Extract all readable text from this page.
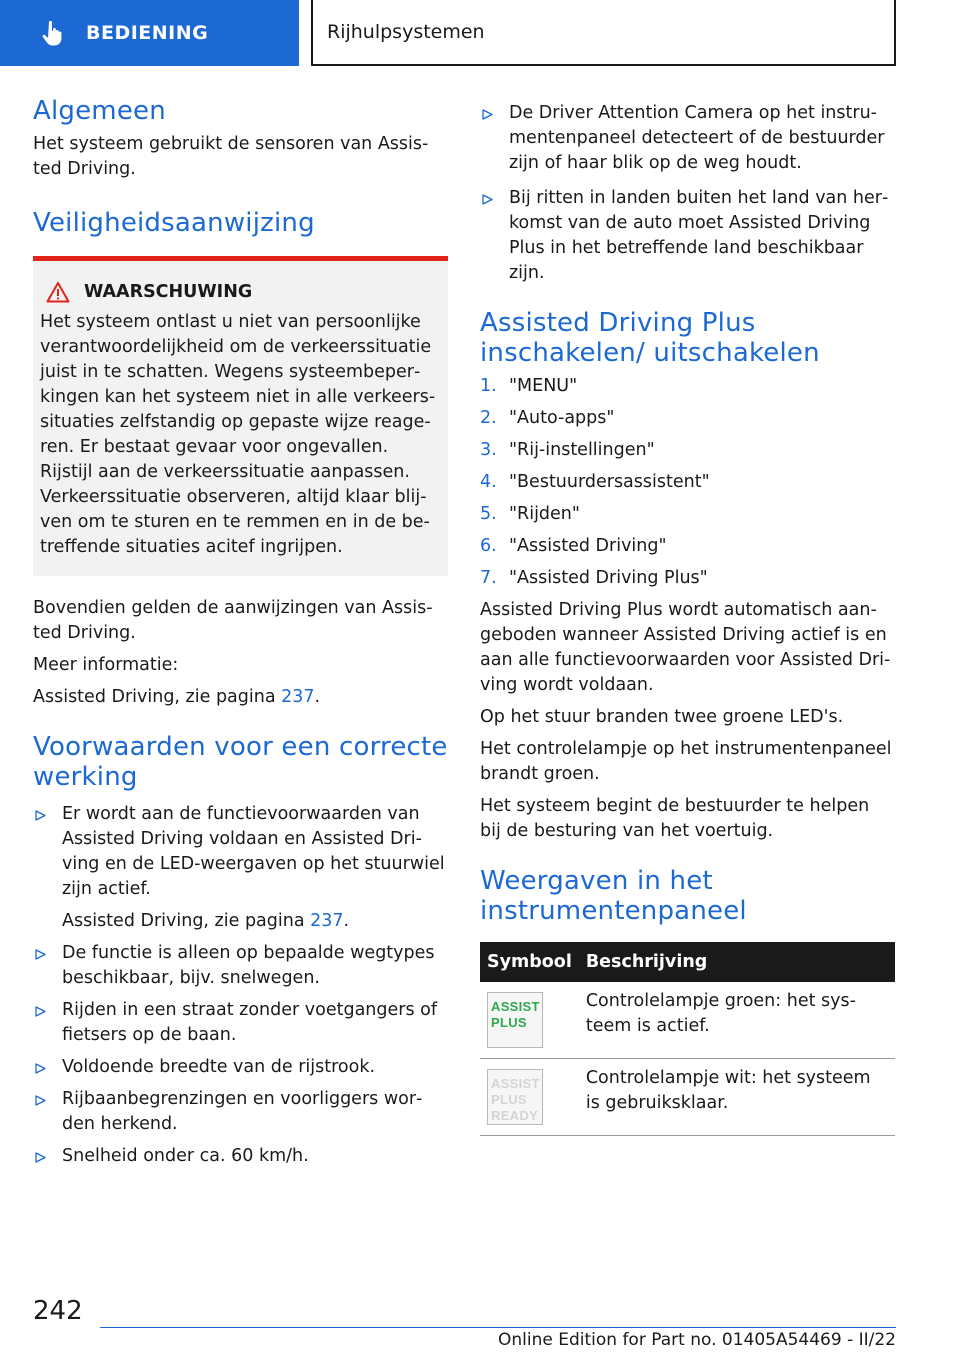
BEDIENING	Rijhulpsystemen
Algemeen

Het systeem gebruikt de sensoren van Assisted Driving.

Veiligheidsaanwijzing
WAARSCHUWING

Het systeem ontlast u niet van persoonlijke verantwoordelijkheid om de verkeerssituatie juist in te schatten. Wegens systeembeperkingen kan het systeem niet in alle verkeerssituaties zelfstandig op gepaste wijze reageren. Er bestaat gevaar voor ongevallen. Rijstijl aan de verkeerssituatie aanpassen. Verkeerssituatie observeren, altijd klaar blijven om te sturen en te remmen en in de betreffende situaties acitef ingrijpen.

Bovendien gelden de aanwijzingen van Assisted Driving.

Meer informatie:

Assisted Driving, zie pagina 237.

Voorwaarden voor een correcte werking
Er wordt aan de functievoorwaarden van Assisted Driving voldaan en Assisted Driving en de LED-weergaven op het stuurwiel zijn actief.
Assisted Driving, zie pagina 237.
De functie is alleen op bepaalde wegtypes beschikbaar, bijv. snelwegen.
Rijden in een straat zonder voetgangers of fietsers op de baan.
Voldoende breedte van de rijstrook.
Rijbaanbegrenzingen en voorliggers worden herkend.
Snelheid onder ca. 60 km/h.
De Driver Attention Camera op het instrumentenpaneel detecteert of de bestuurder zijn of haar blik op de weg houdt.
Bij ritten in landen buiten het land van herkomst van de auto moet Assisted Driving Plus in het betreffende land beschikbaar zijn.
Assisted Driving Plus inschakelen/ uitschakelen
1. "MENU"
2. "Auto-apps"
3. "Rij-instellingen"
4. "Bestuurdersassistent"
5. "Rijden"
6. "Assisted Driving"
7. "Assisted Driving Plus"

Assisted Driving Plus wordt automatisch aangeboden wanneer Assisted Driving actief is en aan alle functievoorwaarden voor Assisted Driving wordt voldaan.

Op het stuur branden twee groene LED's.

Het controlelampje op het instrumentenpaneel brandt groen.

Het systeem begint de bestuurder te helpen bij de besturing van het voertuig.

Weergaven in het instrumentenpaneel
Symbool	Beschrijving

ASSIST
PLUS	Controlelampje groen: het systeem is actief.

ASSIST
PLUS
READY	Controlelampje wit: het systeem is gebruiksklaar.
242
Online Edition for Part no. 01405A54469 - II/22
